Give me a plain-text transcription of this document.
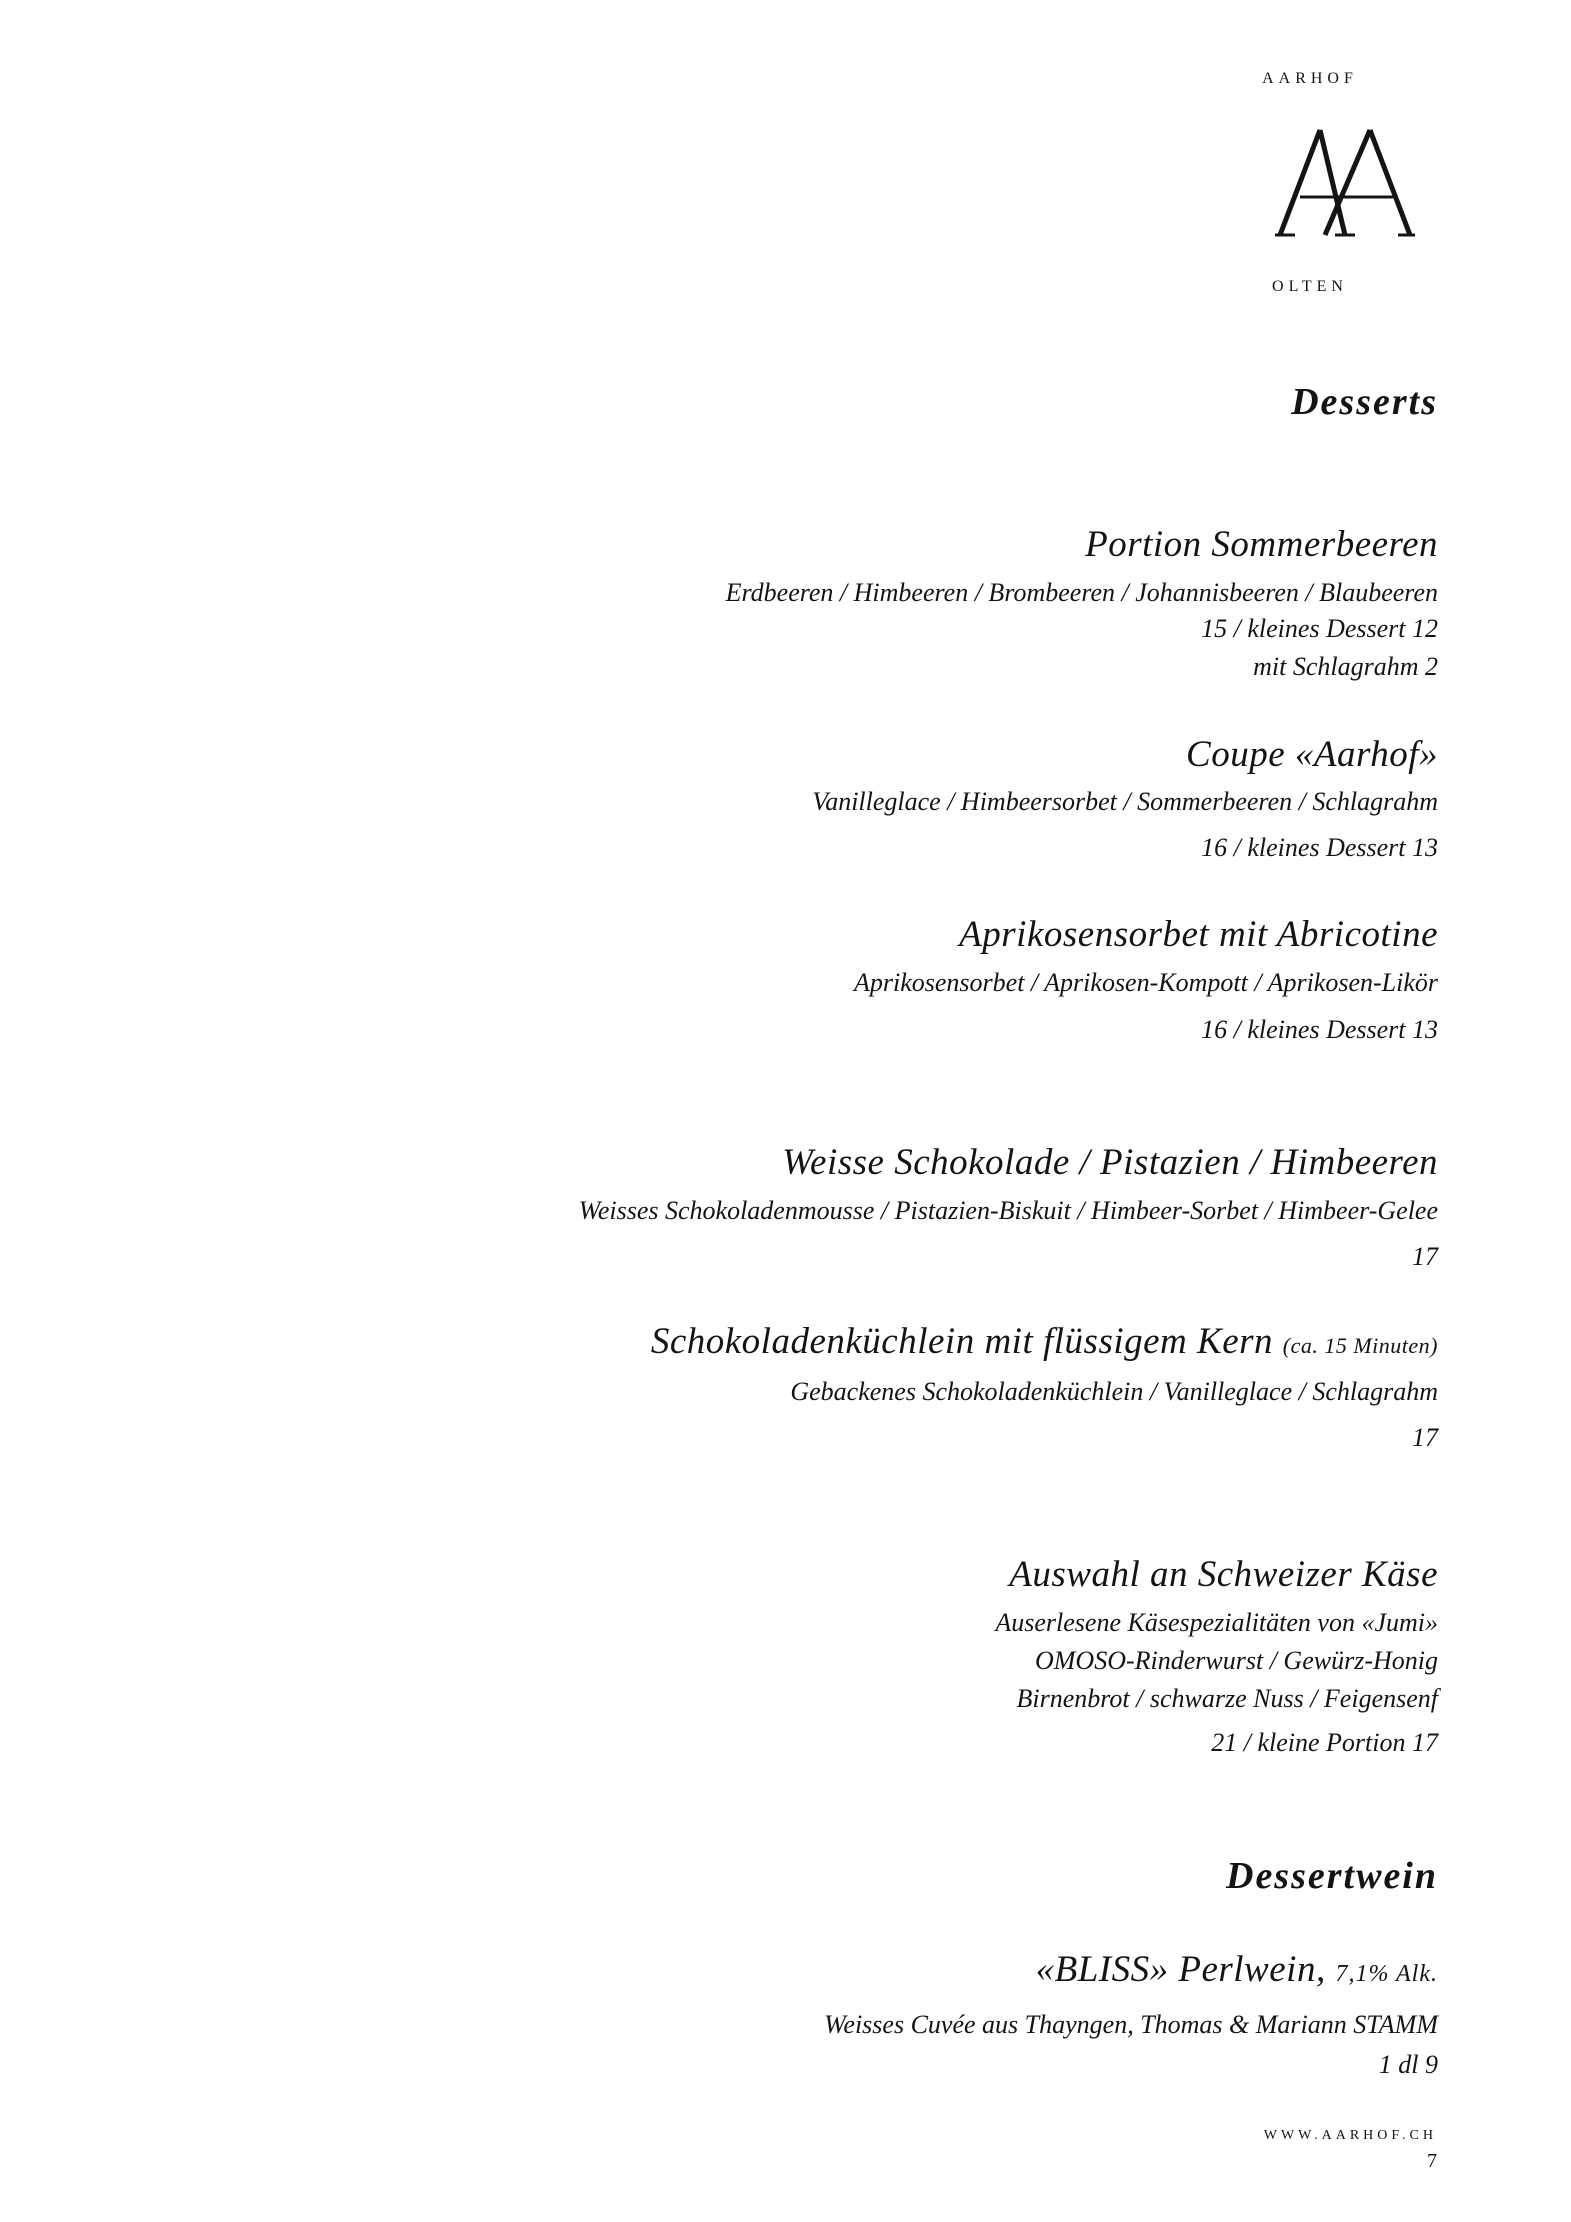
AARHOF
OLTEN
Desserts
Portion Sommerbeeren
Erdbeeren / Himbeeren / Brombeeren / Johannisbeeren / Blaubeeren
15 / kleines Dessert 12
mit Schlagrahm 2
Coupe «Aarhof»
Vanilleglace / Himbeersorbet / Sommerbeeren / Schlagrahm
16 / kleines Dessert 13
Aprikosensorbet mit Abricotine
Aprikosensorbet / Aprikosen-Kompott / Aprikosen-Likör
16 / kleines Dessert 13
Weisse Schokolade / Pistazien / Himbeeren
Weisses Schokoladenmousse / Pistazien-Biskuit / Himbeer-Sorbet / Himbeer-Gelee
17
Schokoladenküchlein mit flüssigem Kern (ca. 15 Minuten)
Gebackenes Schokoladenküchlein / Vanilleglace / Schlagrahm
17
Auswahl an Schweizer Käse
Auserlesene Käsespezialitäten von «Jumi»
OMOSO-Rinderwurst / Gewürz-Honig
Birnenbrot / schwarze Nuss / Feigensenf
21 / kleine Portion 17
Dessertwein
«BLISS» Perlwein, 7,1% Alk.
Weisses Cuvée aus Thayngen, Thomas & Mariann STAMM
1 dl 9
WWW.AARHOF.CH
7
